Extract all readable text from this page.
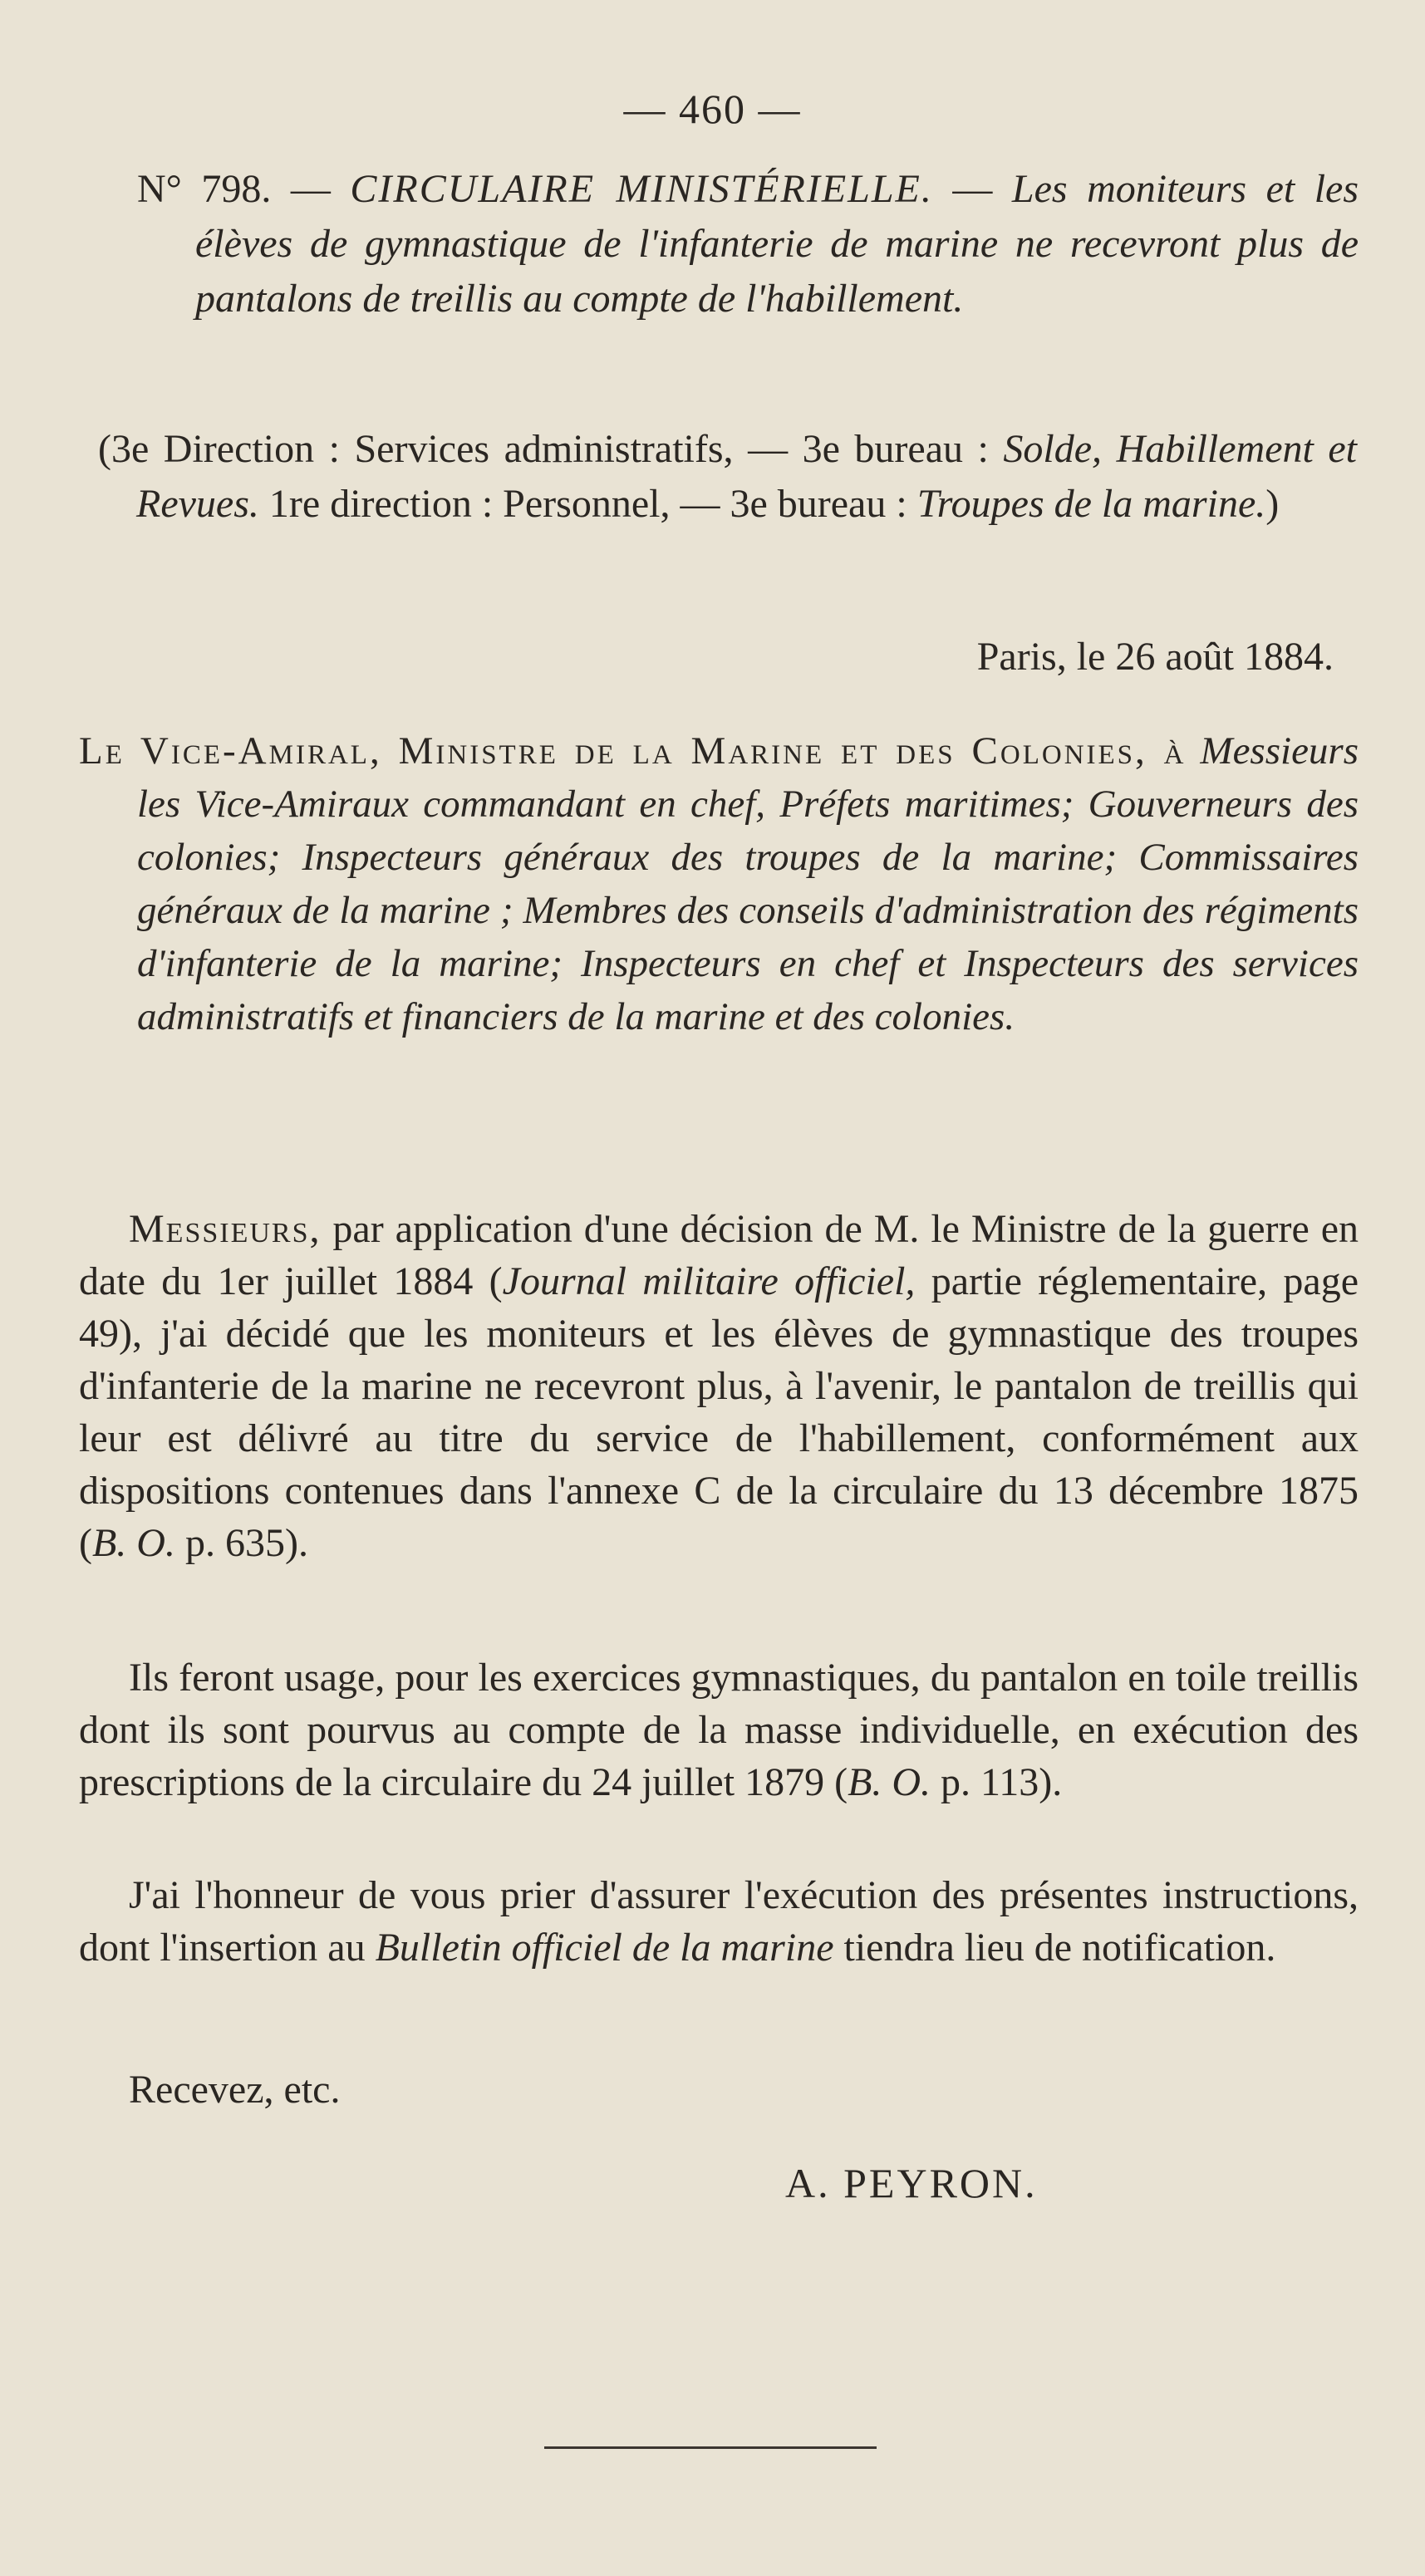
— 460 —
N° 798. — CIRCULAIRE MINISTÉRIELLE. — Les moniteurs et les élèves de gymnastique de l'infanterie de marine ne recevront plus de pantalons de treillis au compte de l'habillement.
(3e Direction : Services administratifs, — 3e bureau : Solde, Habillement et Revues. 1re direction : Personnel, — 3e bureau : Troupes de la marine.)
Paris, le 26 août 1884.
Le Vice-Amiral, Ministre de la Marine et des Colonies, à Messieurs les Vice-Amiraux commandant en chef, Préfets maritimes; Gouverneurs des colonies; Inspecteurs généraux des troupes de la marine; Commissaires généraux de la marine ; Membres des conseils d'administration des régiments d'infanterie de la marine; Inspecteurs en chef et Inspecteurs des services administratifs et financiers de la marine et des colonies.

Messieurs, par application d'une décision de M. le Ministre de la guerre en date du 1er juillet 1884 (Journal militaire officiel, partie réglementaire, page 49), j'ai décidé que les moniteurs et les élèves de gymnastique des troupes d'infanterie de la marine ne recevront plus, à l'avenir, le pantalon de treillis qui leur est délivré au titre du service de l'habillement, conformément aux dispositions contenues dans l'annexe C de la circulaire du 13 décembre 1875 (B. O. p. 635).

Ils feront usage, pour les exercices gymnastiques, du pantalon en toile treillis dont ils sont pourvus au compte de la masse individuelle, en exécution des prescriptions de la circulaire du 24 juillet 1879 (B. O. p. 113).

J'ai l'honneur de vous prier d'assurer l'exécution des présentes instructions, dont l'insertion au Bulletin officiel de la marine tiendra lieu de notification.

Recevez, etc.
A. PEYRON.
